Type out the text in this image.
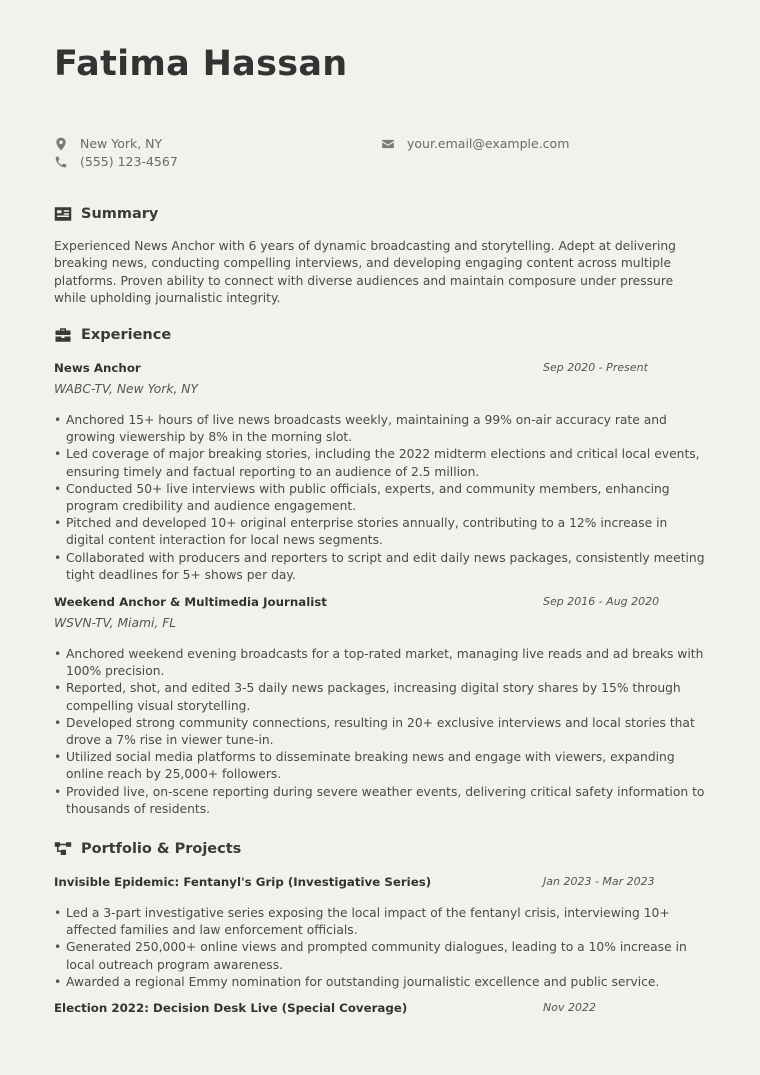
Fatima Hassan
New York, NY
(555) 123-4567
your.email@example.com
Summary

Experienced News Anchor with 6 years of dynamic broadcasting and storytelling. Adept at delivering breaking news, conducting compelling interviews, and developing engaging content across multiple platforms. Proven ability to connect with diverse audiences and maintain composure under pressure while upholding journalistic integrity.

Experience
News Anchor	Sep 2020 - Present
WABC-TV, New York, NY
• Anchored 15+ hours of live news broadcasts weekly, maintaining a 99% on-air accuracy rate and growing viewership by 8% in the morning slot.
• Led coverage of major breaking stories, including the 2022 midterm elections and critical local events, ensuring timely and factual reporting to an audience of 2.5 million.
• Conducted 50+ live interviews with public officials, experts, and community members, enhancing program credibility and audience engagement.
• Pitched and developed 10+ original enterprise stories annually, contributing to a 12% increase in digital content interaction for local news segments.
• Collaborated with producers and reporters to script and edit daily news packages, consistently meeting tight deadlines for 5+ shows per day.
Weekend Anchor & Multimedia Journalist	Sep 2016 - Aug 2020
WSVN-TV, Miami, FL
• Anchored weekend evening broadcasts for a top-rated market, managing live reads and ad breaks with 100% precision.
• Reported, shot, and edited 3-5 daily news packages, increasing digital story shares by 15% through compelling visual storytelling.
• Developed strong community connections, resulting in 20+ exclusive interviews and local stories that drove a 7% rise in viewer tune-in.
• Utilized social media platforms to disseminate breaking news and engage with viewers, expanding online reach by 25,000+ followers.
• Provided live, on-scene reporting during severe weather events, delivering critical safety information to thousands of residents.
Portfolio & Projects
Invisible Epidemic: Fentanyl's Grip (Investigative Series)	Jan 2023 - Mar 2023
• Led a 3-part investigative series exposing the local impact of the fentanyl crisis, interviewing 10+ affected families and law enforcement officials.
• Generated 250,000+ online views and prompted community dialogues, leading to a 10% increase in local outreach program awareness.
• Awarded a regional Emmy nomination for outstanding journalistic excellence and public service.
Election 2022: Decision Desk Live (Special Coverage)	Nov 2022
